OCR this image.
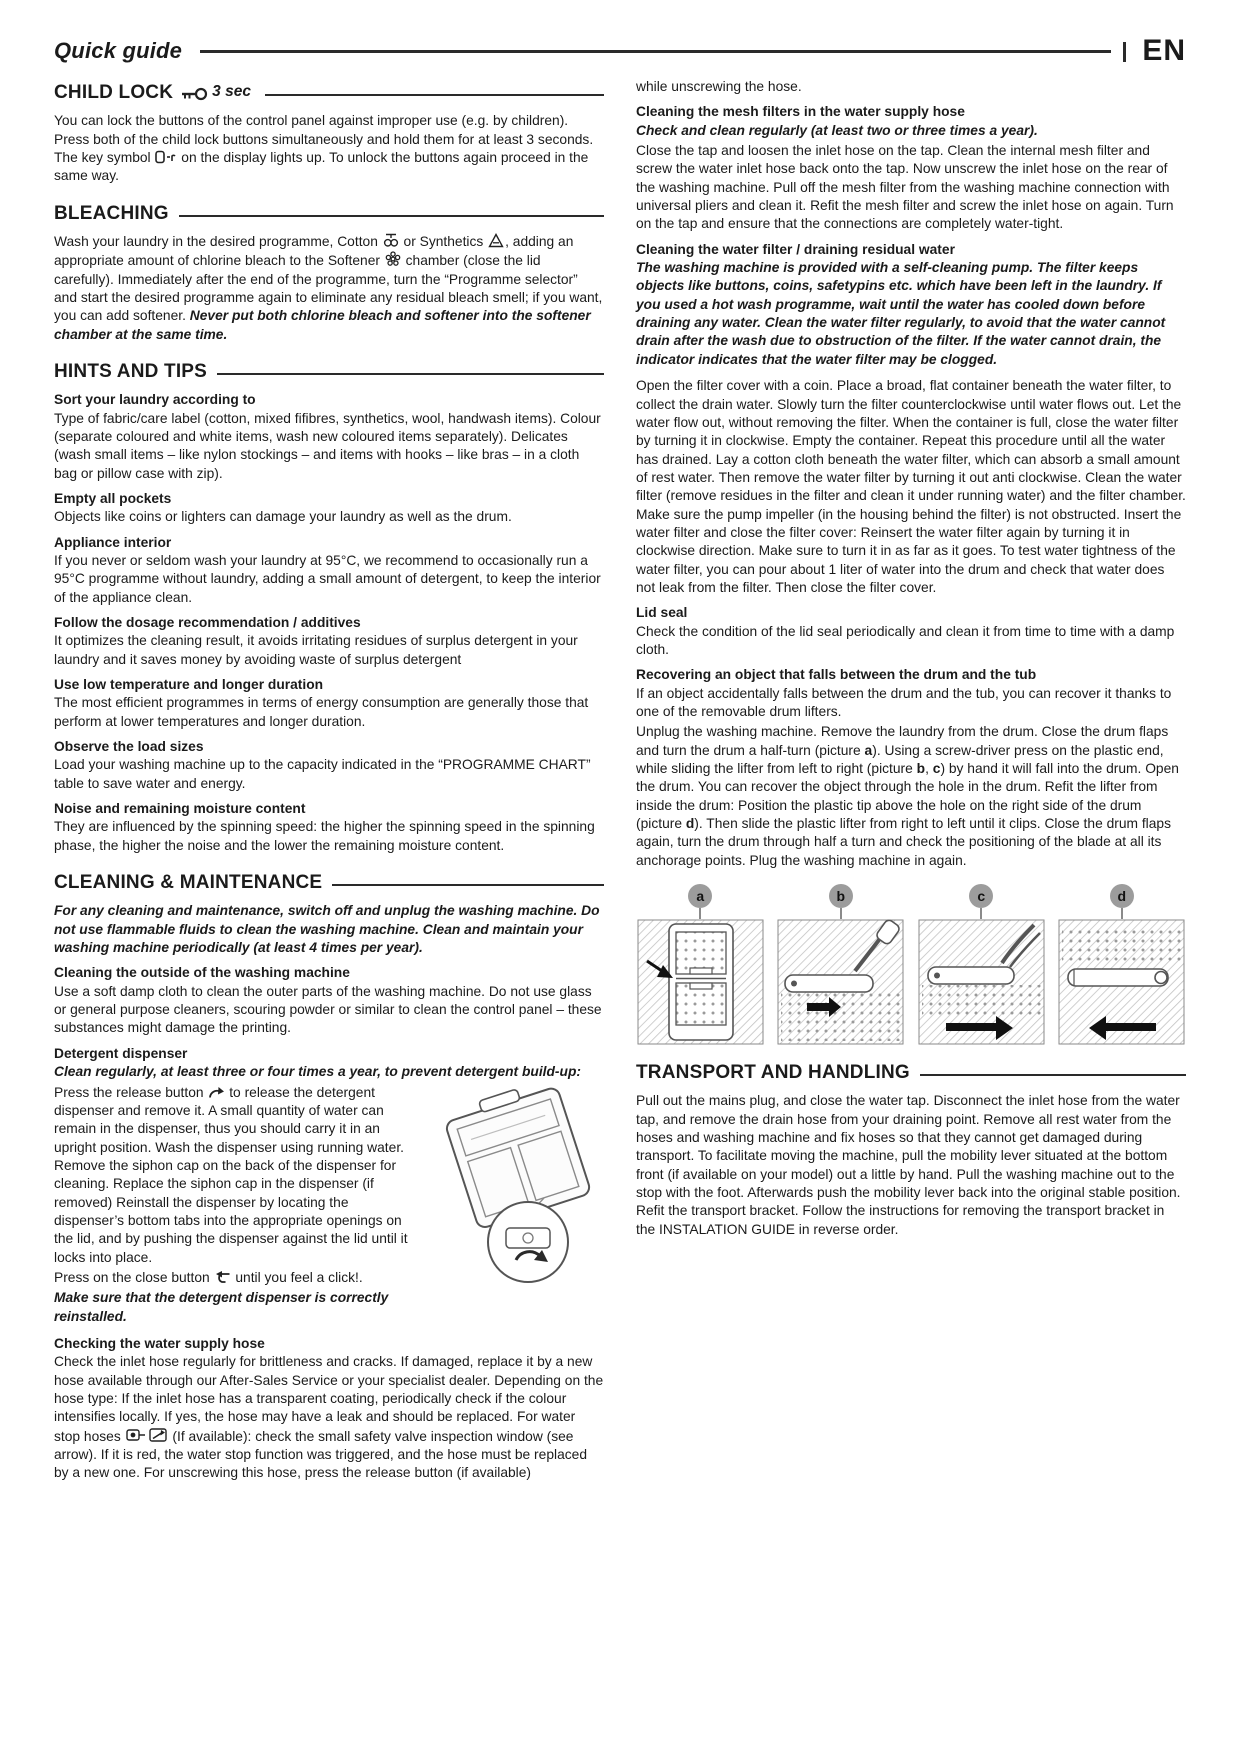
Quick guide	EN
CHILD LOCK	3 sec

You can lock the buttons of the control panel against improper use (e.g. by children). Press both of the child lock buttons simultaneously and hold them for at least 3 seconds. The key symbol  on the display lights up. To unlock the buttons again proceed in the same way.

BLEACHING

Wash your laundry in the desired programme, Cotton  or Synthetics , adding an appropriate amount of chlorine bleach to the Softener  chamber (close the lid carefully). Immediately after the end of the programme, turn the “Programme selector” and start the desired programme again to eliminate any residual bleach smell; if you want, you can add softener. Never put both chlorine bleach and softener into the softener chamber at the same time.

HINTS AND TIPS
Sort your laundry according to

Type of fabric/care label (cotton, mixed fifibres, synthetics, wool, handwash items). Colour (separate coloured and white items, wash new coloured items separately). Delicates (wash small items – like nylon stockings – and items with hooks – like bras – in a cloth bag or pillow case with zip).

Empty all pockets

Objects like coins or lighters can damage your laundry as well as the drum.

Appliance interior

If you never or seldom wash your laundry at 95°C, we recommend to occasionally run a 95°C programme without laundry, adding a small amount of detergent, to keep the interior of the appliance clean.

Follow the dosage recommendation / additives

It optimizes the cleaning result, it avoids irritating residues of surplus detergent in your laundry and it saves money by avoiding waste of surplus detergent

Use low temperature and longer duration

The most efficient programmes in terms of energy consumption are generally those that perform at lower temperatures and longer duration.

Observe the load sizes

Load your washing machine up to the capacity indicated in the “PROGRAMME CHART” table to save water and energy.

Noise and remaining moisture content

They are influenced by the spinning speed: the higher the spinning speed in the spinning phase, the higher the noise and the lower the remaining moisture content.

CLEANING & MAINTENANCE

For any cleaning and maintenance, switch off and unplug the washing machine. Do not use flammable fluids to clean the washing machine. Clean and maintain your washing machine periodically (at least 4 times per year).

Cleaning the outside of the washing machine

Use a soft damp cloth to clean the outer parts of the washing machine. Do not use glass or general purpose cleaners, scouring powder or similar to clean the control panel – these substances might damage the printing.

Detergent dispenser

Clean regularly, at least three or four times a year, to prevent detergent build-up:

Press the release button  to release the detergent dispenser and remove it. A small quantity of water can remain in the dispenser, thus you should carry it in an upright position. Wash the dispenser using running water. Remove the siphon cap on the back of the dispenser for cleaning. Replace the siphon cap in the dispenser (if removed) Reinstall the dispenser by locating the dispenser’s bottom tabs into the appropriate openings on the lid, and by pushing the dispenser against the lid until it locks into place.

Press on the close button  until you feel a click!.

Make sure that the detergent dispenser is correctly reinstalled.

Checking the water supply hose

Check the inlet hose regularly for brittleness and cracks. If damaged, replace it by a new hose available through our After-Sales Service or your specialist dealer. Depending on the hose type: If the inlet hose has a transparent coating, periodically check if the colour intensifies locally. If yes, the hose may have a leak and should be replaced. For water stop hoses	(If available): check the small safety valve inspection window (see arrow). If it is red, the water stop function was triggered, and the hose must be replaced by a new one. For unscrewing this hose, press the release button (if available)

while unscrewing the hose.

Cleaning the mesh filters in the water supply hose

Check and clean regularly (at least two or three times a year).

Close the tap and loosen the inlet hose on the tap. Clean the internal mesh filter and screw the water inlet hose back onto the tap. Now unscrew the inlet hose on the rear of the washing machine. Pull off the mesh filter from the washing machine connection with universal pliers and clean it. Refit the mesh filter and screw the inlet hose on again. Turn on the tap and ensure that the connections are completely water-tight.

Cleaning the water filter / draining residual water

The washing machine is provided with a self-cleaning pump. The filter keeps objects like buttons, coins, safetypins etc. which have been left in the laundry. If you used a hot wash programme, wait until the water has cooled down before draining any water. Clean the water filter regularly, to avoid that the water cannot drain after the wash due to obstruction of the filter. If the water cannot drain, the indicator indicates that the water filter may be clogged.

Open the filter cover with a coin. Place a broad, flat container beneath the water filter, to collect the drain water. Slowly turn the filter counterclockwise until water flows out. Let the water flow out, without removing the filter. When the container is full, close the water filter by turning it in clockwise. Empty the container. Repeat this procedure until all the water has drained. Lay a cotton cloth beneath the water filter, which can absorb a small amount of rest water. Then remove the water filter by turning it out anti clockwise. Clean the water filter (remove residues in the filter and clean it under running water) and the filter chamber. Make sure the pump impeller (in the housing behind the filter) is not obstructed. Insert the water filter and close the filter cover: Reinsert the water filter again by turning it in clockwise direction. Make sure to turn it in as far as it goes. To test water tightness of the water filter, you can pour about 1 liter of water into the drum and check that water does not leak from the filter. Then close the filter cover.

Lid seal

Check the condition of the lid seal periodically and clean it from time to time with a damp cloth.

Recovering an object that falls between the drum and the tub

If an object accidentally falls between the drum and the tub, you can recover it thanks to one of the removable drum lifters.

Unplug the washing machine. Remove the laundry from the drum. Close the drum flaps and turn the drum a half-turn (picture a). Using a screw-driver press on the plastic end, while sliding the lifter from left to right (picture b, c) by hand it will fall into the drum. Open the drum. You can recover the object through the hole in the drum. Refit the lifter from inside the drum: Position the plastic tip above the hole on the right side of the drum (picture d). Then slide the plastic lifter from right to left until it clips. Close the drum flaps again, turn the drum through half a turn and check the positioning of the blade at all its anchorage points. Plug the washing machine in again.

a	b	c	d
TRANSPORT AND HANDLING

Pull out the mains plug, and close the water tap. Disconnect the inlet hose from the water tap, and remove the drain hose from your draining point. Remove all rest water from the hoses and washing machine and fix hoses so that they cannot get damaged during transport. To facilitate moving the machine, pull the mobility lever situated at the bottom front (if available on your model) out a little by hand. Pull the washing machine out to the stop with the foot. Afterwards push the mobility lever back into the original stable position. Refit the transport bracket. Follow the instructions for removing the transport bracket in the INSTALATION GUIDE in reverse order.
